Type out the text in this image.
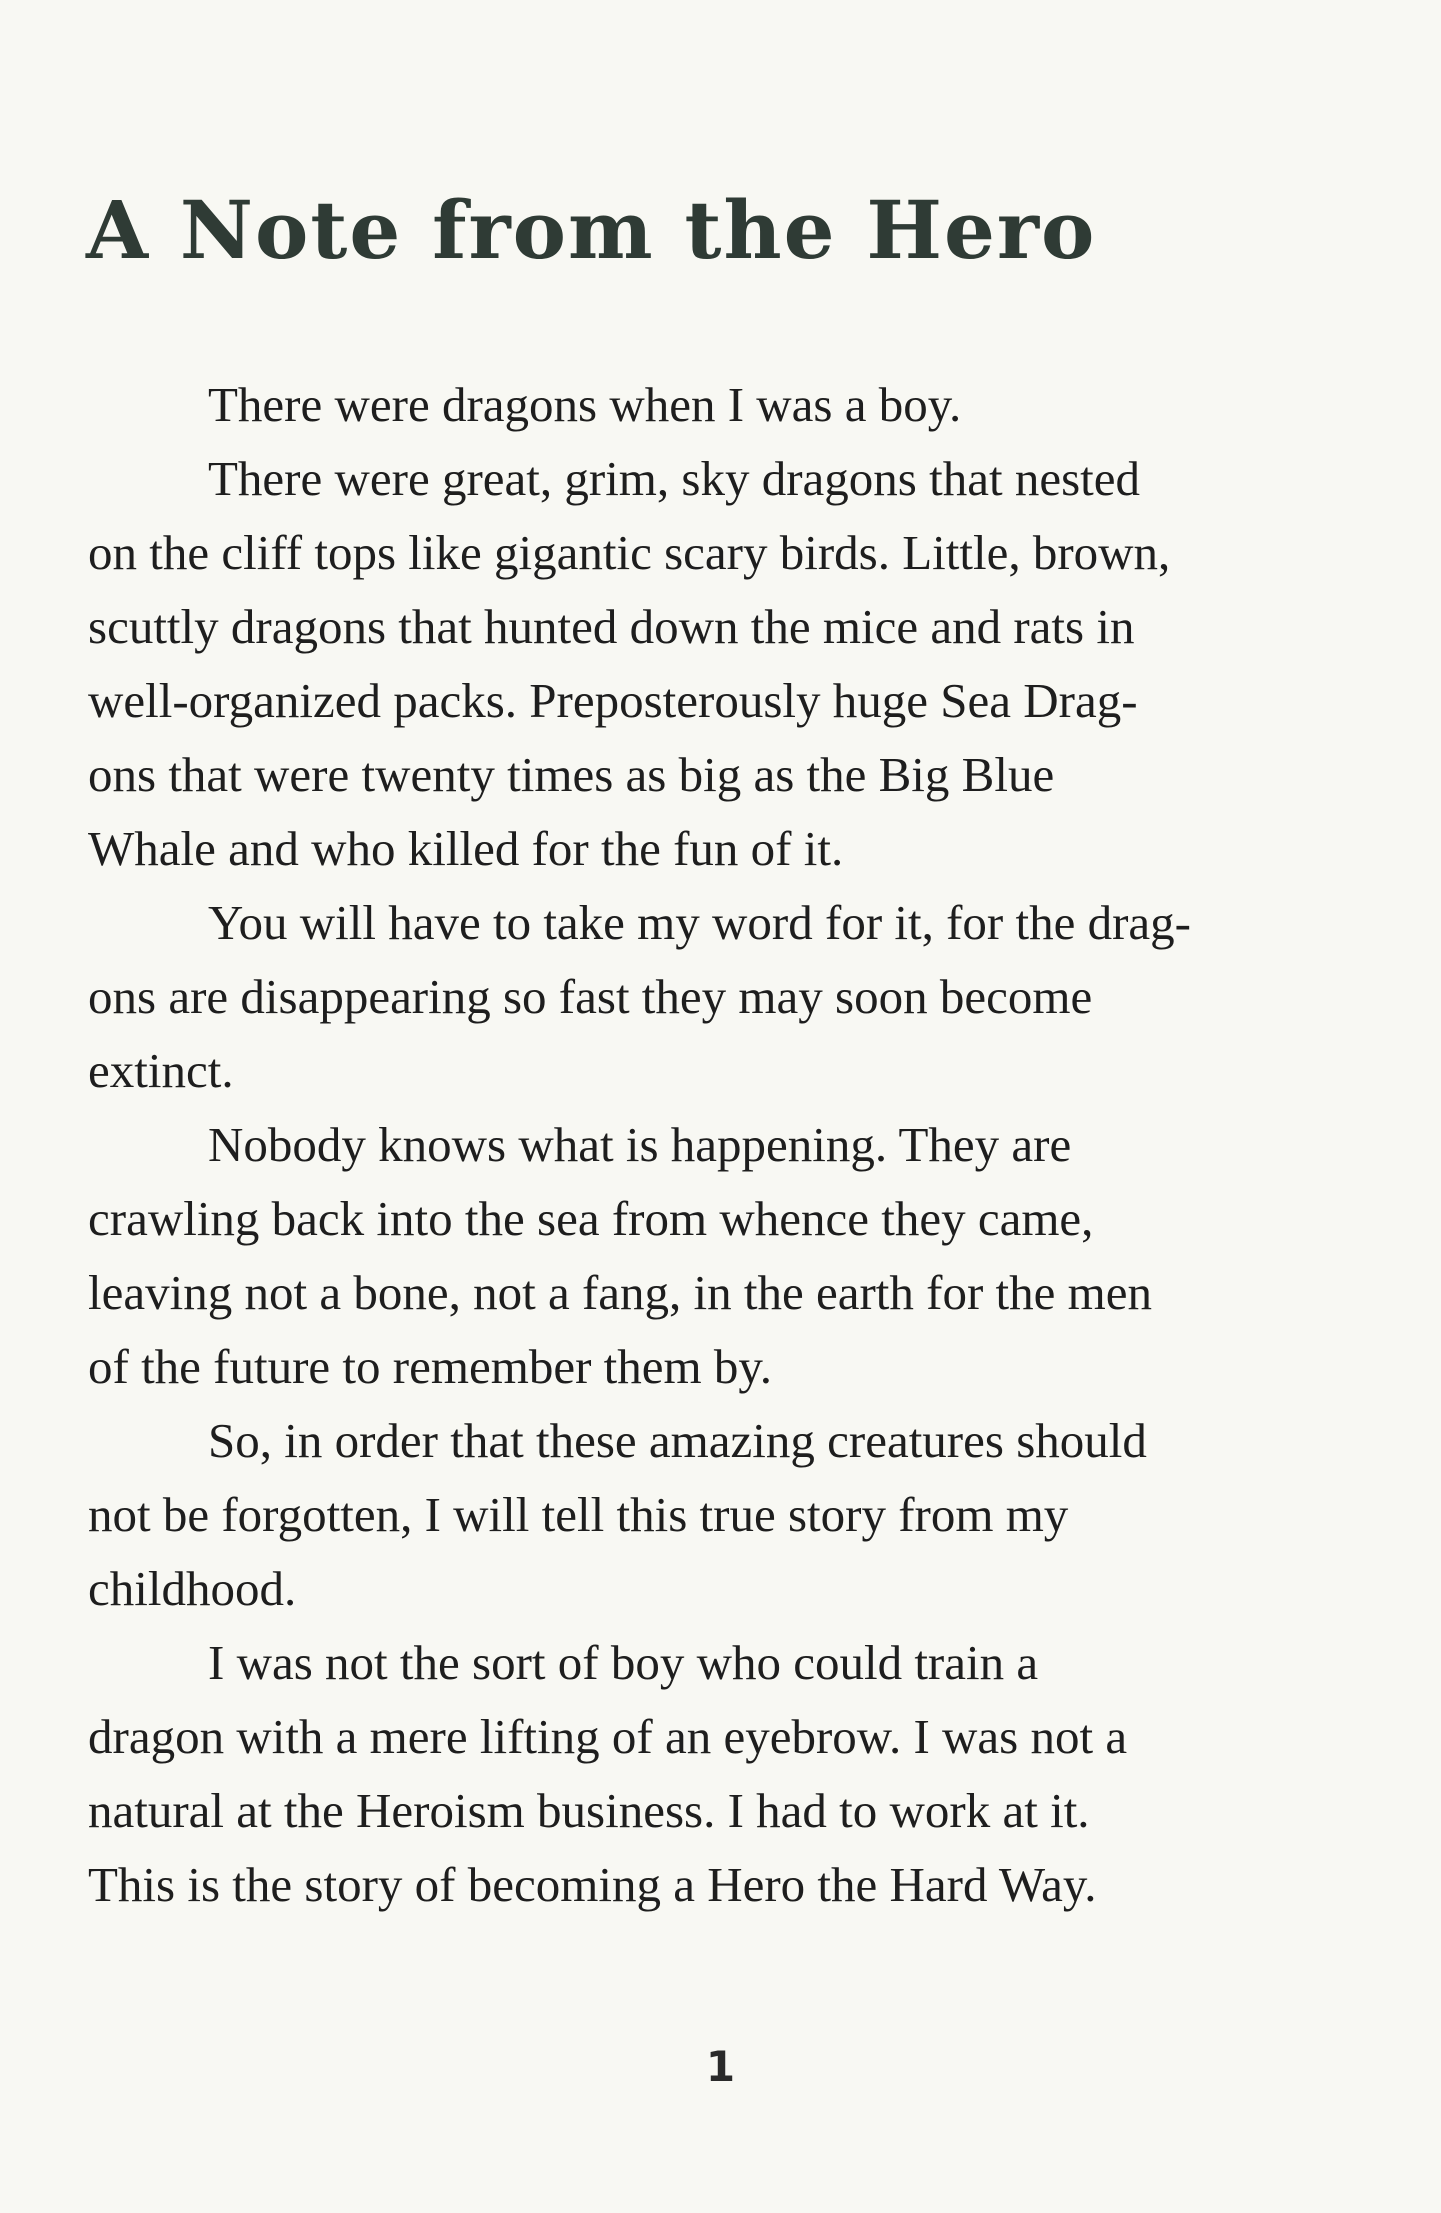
A Note from the Hero
There were dragons when I was a boy.
There were great, grim, sky dragons that nested
on the cliff tops like gigantic scary birds. Little, brown,
scuttly dragons that hunted down the mice and rats in
well-organized packs. Preposterously huge Sea Drag-
ons that were twenty times as big as the Big Blue
Whale and who killed for the fun of it.
You will have to take my word for it, for the drag-
ons are disappearing so fast they may soon become
extinct.
Nobody knows what is happening. They are
crawling back into the sea from whence they came,
leaving not a bone, not a fang, in the earth for the men
of the future to remember them by.
So, in order that these amazing creatures should
not be forgotten, I will tell this true story from my
childhood.
I was not the sort of boy who could train a
dragon with a mere lifting of an eyebrow. I was not a
natural at the Heroism business. I had to work at it.
This is the story of becoming a Hero the Hard Way.
1
